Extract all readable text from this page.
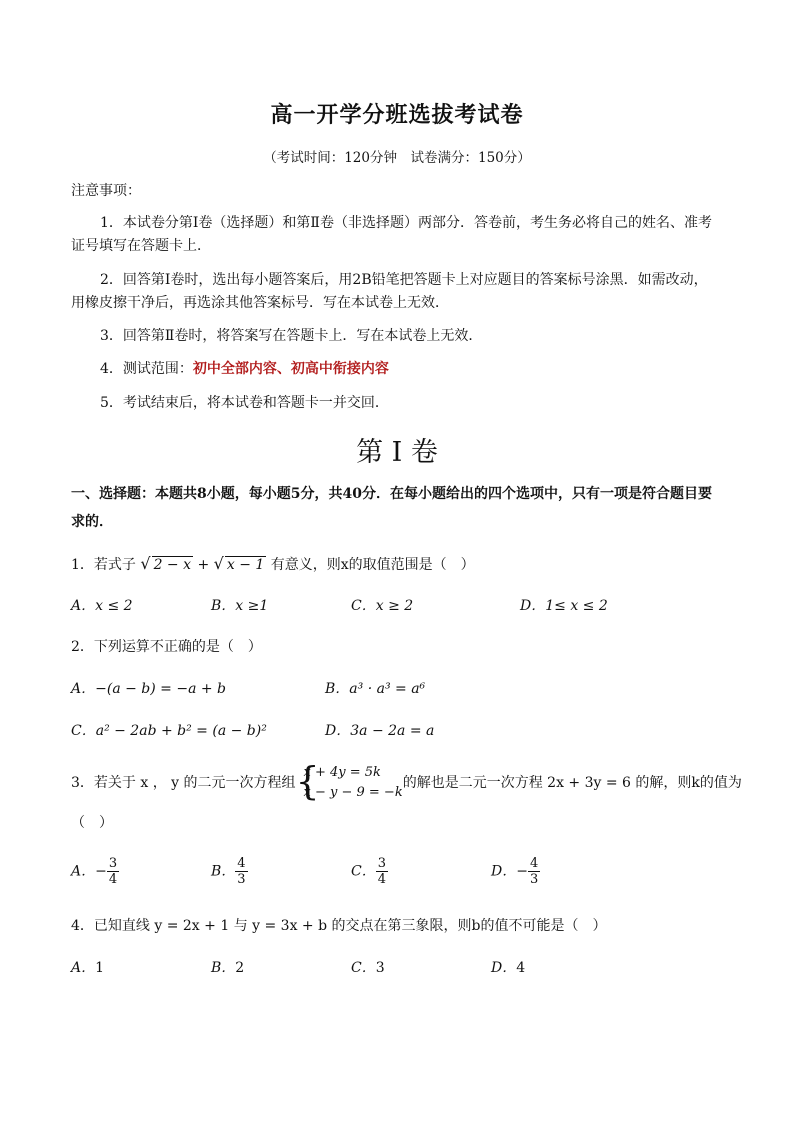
高一开学分班选拔考试卷
（考试时间：120分钟　试卷满分：150分）
注意事项：
1．本试卷分第Ⅰ卷（选择题）和第Ⅱ卷（非选择题）两部分．答卷前，考生务必将自己的姓名、准考
证号填写在答题卡上．
2．回答第Ⅰ卷时，选出每小题答案后，用2B铅笔把答题卡上对应题目的答案标号涂黑．如需改动，
用橡皮擦干净后，再选涂其他答案标号．写在本试卷上无效．
3．回答第Ⅱ卷时，将答案写在答题卡上．写在本试卷上无效．
4．测试范围：初中全部内容、初高中衔接内容
5．考试结束后，将本试卷和答题卡一并交回．
第 I 卷
一、选择题：本题共8小题，每小题5分，共40分．在每小题给出的四个选项中，只有一项是符合题目要
求的．
1．若式子 √ 2 − x + √ x − 1 有意义，则x的取值范围是（　）
A．x ≤ 2	B．x ≥1	C．x ≥ 2	D．1≤ x ≤ 2
2．下列运算不正确的是（　）
A．−(a − b) = −a + b	B．a³ · a³ = a⁶
C．a² − 2ab + b² = (a − b)²	D．3a − 2a = a
3．若关于 x ， y 的二元一次方程组 {
x + 4y = 5k
x − y − 9 = −k
的解也是二元一次方程 2x + 3y = 6 的解，则k的值为
（　）
A．− $\frac{3}{4}$	B． $\frac{4}{3}$	C． $\frac{3}{4}$	D．− $\frac{4}{3}$
4．已知直线 y = 2x + 1 与 y = 3x + b 的交点在第三象限，则b的值不可能是（　）
A．1	B．2	C．3	D．4
